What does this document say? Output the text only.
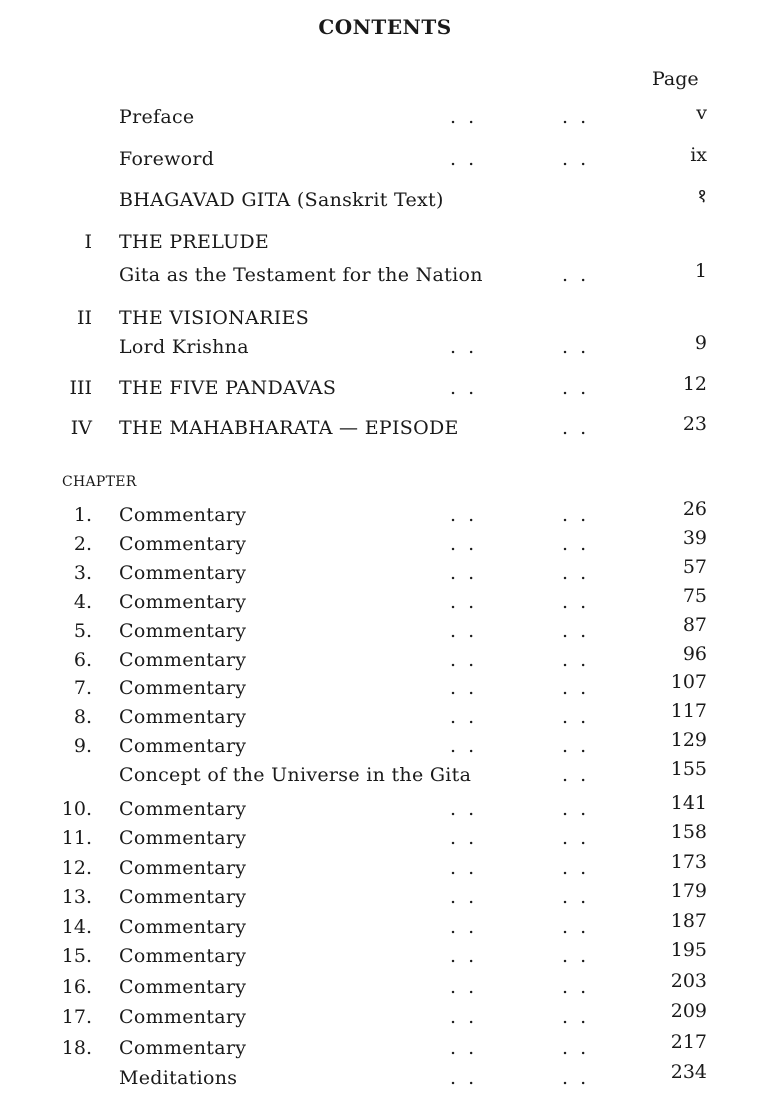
CONTENTS
Page
CHAPTER
Preface	. .	. .	v
Foreword	. .	. .	ix
BHAGAVAD GITA (Sanskrit Text)	१
I THE PRELUDE
Gita as the Testament for the Nation	. .	1
II THE VISIONARIES
Lord Krishna	. .	. .	9
III THE FIVE PANDAVAS	. .	. .	12
IV THE MAHABHARATA — EPISODE	. .	23
1. Commentary	. .	. .	26
2. Commentary	. .	. .	39
3. Commentary	. .	. .	57
4. Commentary	. .	. .	75
5. Commentary	. .	. .	87
6. Commentary	. .	. .	96
7. Commentary	. .	. .	107
8. Commentary	. .	. .	117
9. Commentary	. .	. .	129
Concept of the Universe in the Gita	. .	155
10. Commentary	. .	. .	141
11. Commentary	. .	. .	158
12. Commentary	. .	. .	173
13. Commentary	. .	. .	179
14. Commentary	. .	. .	187
15. Commentary	. .	. .	195
16. Commentary	. .	. .	203
17. Commentary	. .	. .	209
18. Commentary	. .	. .	217
Meditations	. .	. .	234
